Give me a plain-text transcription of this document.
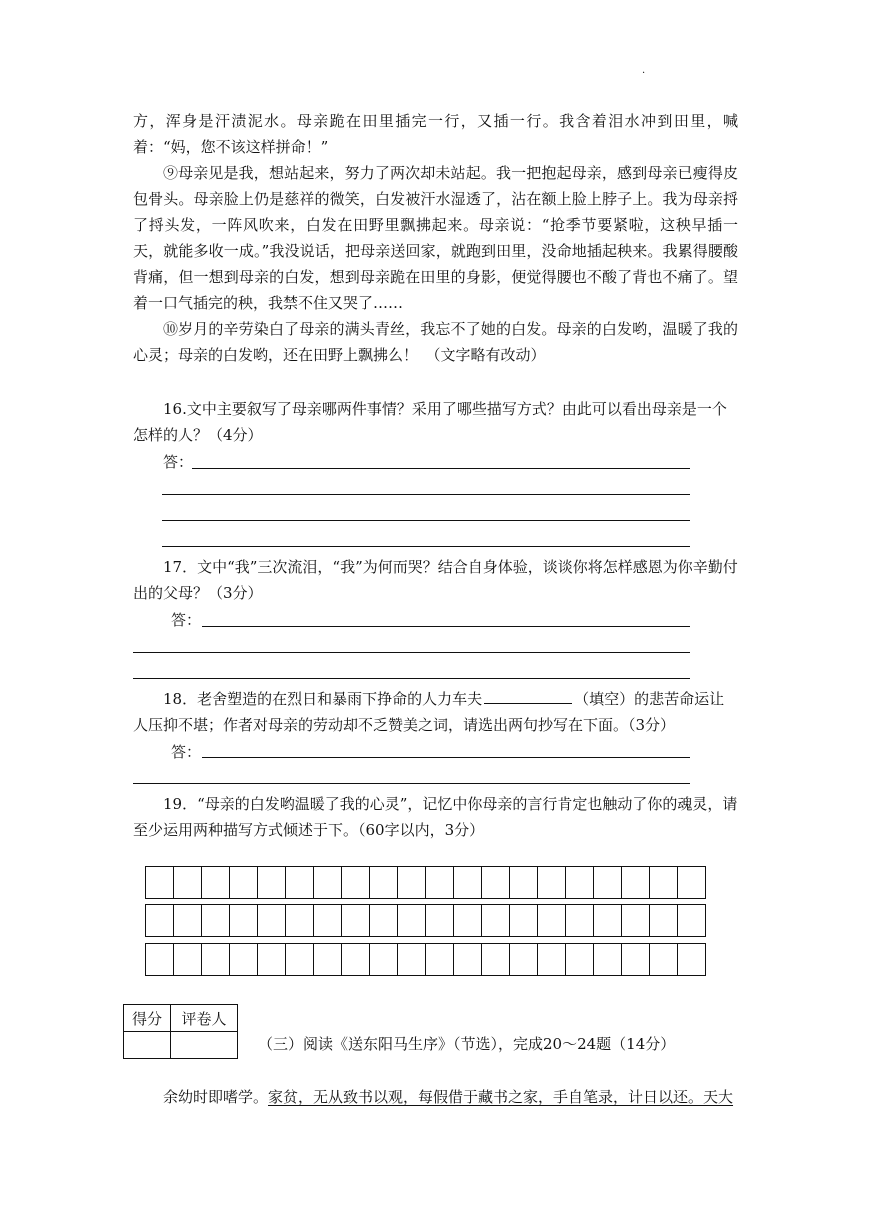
.
方，浑身是汗渍泥水。母亲跪在田里插完一行，又插一行。我含着泪水冲到田里，喊着：“妈，您不该这样拼命！”
⑨母亲见是我，想站起来，努力了两次却未站起。我一把抱起母亲，感到母亲已瘦得皮包骨头。母亲脸上仍是慈祥的微笑，白发被汗水湿透了，沾在额上脸上脖子上。我为母亲捋了捋头发，一阵风吹来，白发在田野里飘拂起来。母亲说：“抢季节要紧啦，这秧早插一天，就能多收一成。”我没说话，把母亲送回家，就跑到田里，没命地插起秧来。我累得腰酸背痛，但一想到母亲的白发，想到母亲跪在田里的身影，便觉得腰也不酸了背也不痛了。望着一口气插完的秧，我禁不住又哭了……
⑩岁月的辛劳染白了母亲的满头青丝，我忘不了她的白发。母亲的白发哟，温暖了我的心灵；母亲的白发哟，还在田野上飘拂么！　（文字略有改动）
16.文中主要叙写了母亲哪两件事情？采用了哪些描写方式？由此可以看出母亲是一个怎样的人？（4分）
答：
17．文中“我”三次流泪，“我”为何而哭？结合自身体验，谈谈你将怎样感恩为你辛勤付出的父母？（3分）
答：
18．老舍塑造的在烈日和暴雨下挣命的人力车夫	（填空）的悲苦命运让人压抑不堪；作者对母亲的劳动却不乏赞美之词，请选出两句抄写在下面。（3分）
答：
19．“母亲的白发哟温暖了我的心灵”，记忆中你母亲的言行肯定也触动了你的魂灵，请至少运用两种描写方式倾述于下。（60字以内，3分）

得分	评卷人

（三）阅读《送东阳马生序》（节选），完成20～24题（14分）
余幼时即嗜学。家贫，无从致书以观，每假借于藏书之家，手自笔录，计日以还。天大
